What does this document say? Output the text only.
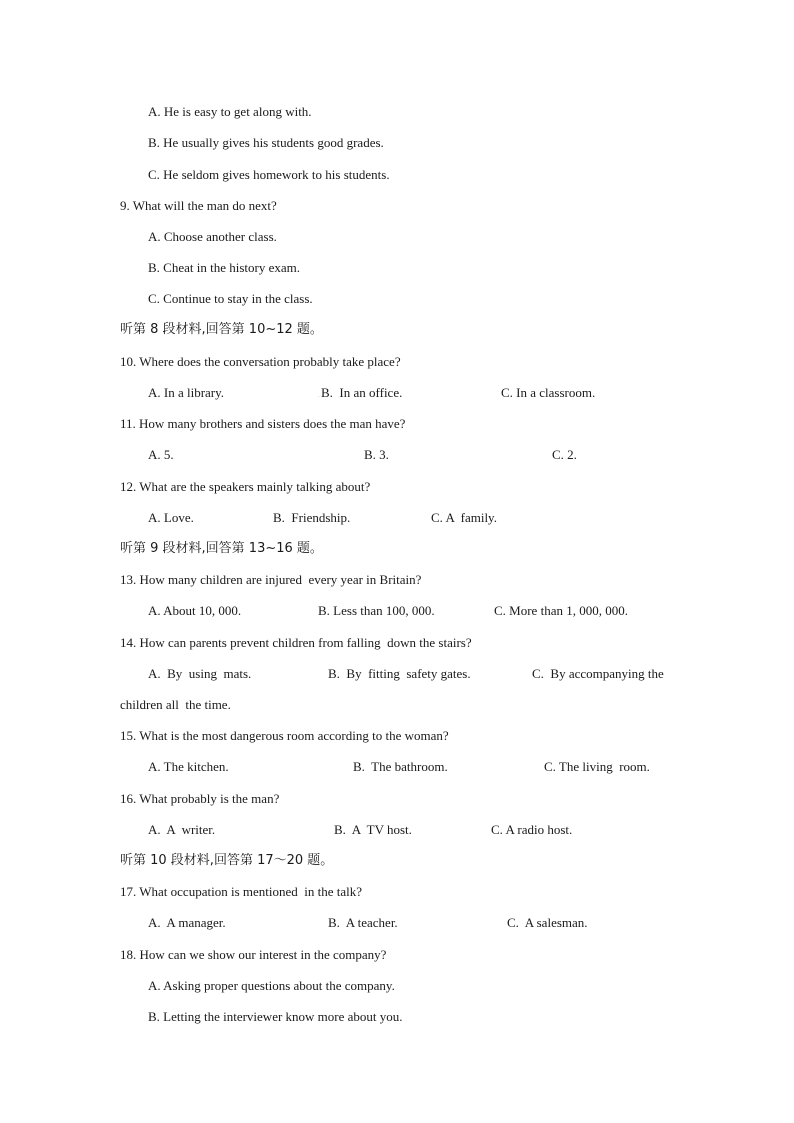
A. He is easy to get along with.
B. He usually gives his students good grades.
C. He seldom gives homework to his students.
9. What will the man do next?
A. Choose another class.
B. Cheat in the history exam.
C. Continue to stay in the class.
听第 8 段材料,回答第 10~12 题。
10. Where does the conversation probably take place?
A. In a library.	←B.  In an office.	C. In a classroom.
11. How many brothers and sisters does the man have?
A. 5.	B. 3.	C. 2.
12. What are the speakers mainly talking about?
A. Love.	B.  Friendship.	C. A  family.
听第 9 段材料,回答第 13~16 题。
13. How many children are injured  every year in Britain?
A. About 10, 000.	B. Less than 100, 000.	C. More than 1, 000, 000.
14. How can parents prevent children from falling  down the stairs?
A.  By  using  mats.	B.  By  fitting  safety gates.	C.  By accompanying the
children all  the time.
15. What is the most dangerous room according to the woman?
A. The kitchen.	B.  The bathroom.	C. The living  room.
16. What probably is the man?
A.  A  writer.	B.  A  TV host.	C. A radio host.
听第 10 段材料,回答第 17～20 题。
17. What occupation is mentioned  in the talk?
A.  A manager.	B.  A teacher.	C.  A salesman.
18. How can we show our interest in the company?
A. Asking proper questions about the company.
B. Letting the interviewer know more about you.
